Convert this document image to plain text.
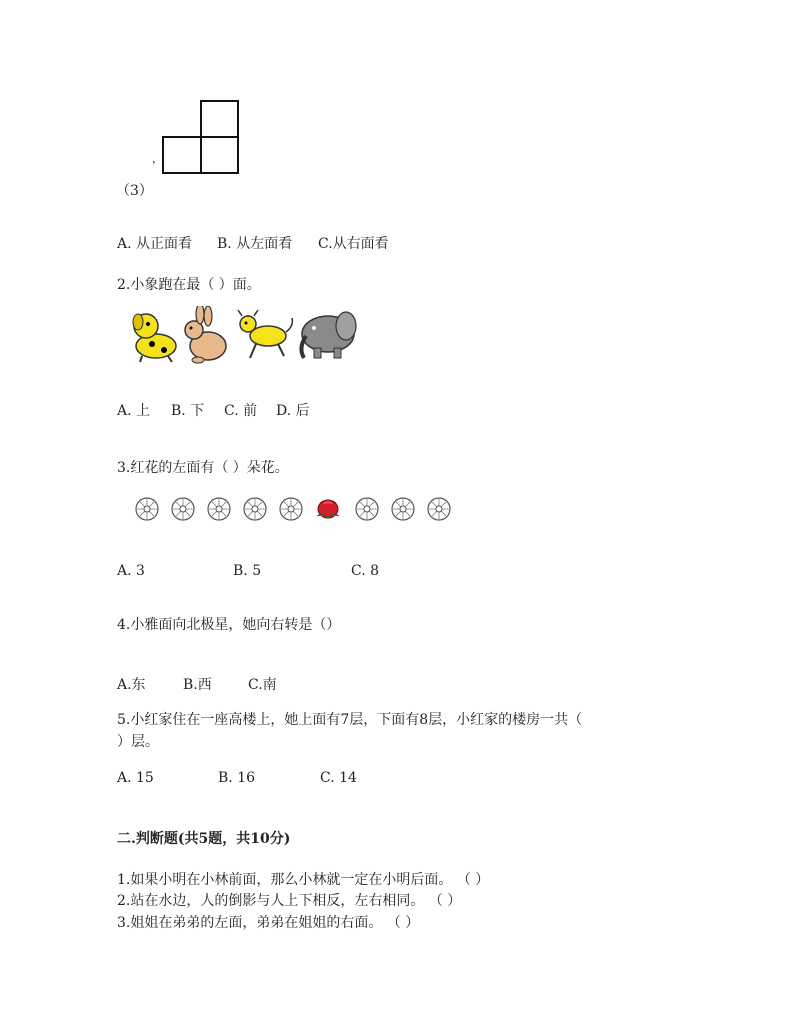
，
（3）
A. 从正面看 B. 从左面看 C.从右面看
2.小象跑在最（ ）面。
A. 上 B. 下 C. 前 D. 后
3.红花的左面有（ ）朵花。
A. 3	B. 5	C. 8
4.小雅面向北极星，她向右转是（）
A.东	B.西	C.南
5.小红家住在一座高楼上，她上面有7层，下面有8层，小红家的楼房一共（
）层。
A. 15	B. 16	C. 14
二.判断题(共5题，共10分)
1.如果小明在小林前面，那么小林就一定在小明后面。 （ ）
2.站在水边，人的倒影与人上下相反，左右相同。 （ ）
3.姐姐在弟弟的左面，弟弟在姐姐的右面。 （ ）
